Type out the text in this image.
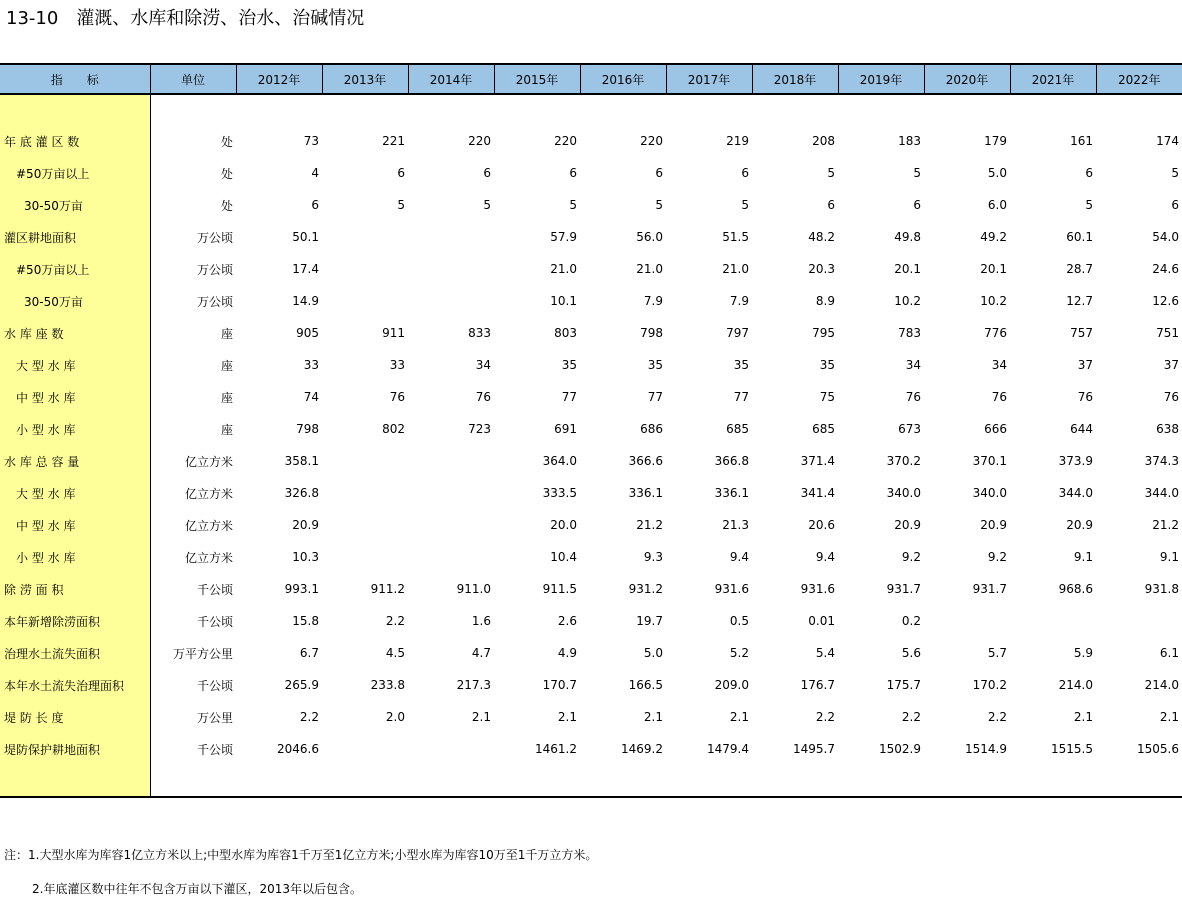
13-10 灌溉、水库和除涝、治水、治碱情况
指　　标	单位	2012年	2013年	2014年	2015年	2016年	2017年	2018年	2019年	2020年	2021年	2022年

年 底 灌 区 数	处	73	221	220	220	220	219	208	183	179	161	174
#50万亩以上	处	4	6	6	6	6	6	5	5	5.0	6	5
30-50万亩	处	6	5	5	5	5	5	6	6	6.0	5	6
灌区耕地面积	万公顷	50.1			57.9	56.0	51.5	48.2	49.8	49.2	60.1	54.0
#50万亩以上	万公顷	17.4			21.0	21.0	21.0	20.3	20.1	20.1	28.7	24.6
30-50万亩	万公顷	14.9			10.1	7.9	7.9	8.9	10.2	10.2	12.7	12.6
水 库 座 数	座	905	911	833	803	798	797	795	783	776	757	751
大 型 水 库	座	33	33	34	35	35	35	35	34	34	37	37
中 型 水 库	座	74	76	76	77	77	77	75	76	76	76	76
小 型 水 库	座	798	802	723	691	686	685	685	673	666	644	638
水 库 总 容 量	亿立方米	358.1			364.0	366.6	366.8	371.4	370.2	370.1	373.9	374.3
大 型 水 库	亿立方米	326.8			333.5	336.1	336.1	341.4	340.0	340.0	344.0	344.0
中 型 水 库	亿立方米	20.9			20.0	21.2	21.3	20.6	20.9	20.9	20.9	21.2
小 型 水 库	亿立方米	10.3			10.4	9.3	9.4	9.4	9.2	9.2	9.1	9.1
除 涝 面 积	千公顷	993.1	911.2	911.0	911.5	931.2	931.6	931.6	931.7	931.7	968.6	931.8
本年新增除涝面积	千公顷	15.8	2.2	1.6	2.6	19.7	0.5	0.01	0.2			
治理水土流失面积	万平方公里	6.7	4.5	4.7	4.9	5.0	5.2	5.4	5.6	5.7	5.9	6.1
本年水土流失治理面积	千公顷	265.9	233.8	217.3	170.7	166.5	209.0	176.7	175.7	170.2	214.0	214.0
堤 防 长 度	万公里	2.2	2.0	2.1	2.1	2.1	2.1	2.2	2.2	2.2	2.1	2.1
堤防保护耕地面积	千公顷	2046.6			1461.2	1469.2	1479.4	1495.7	1502.9	1514.9	1515.5	1505.6

注：1.大型水库为库容1亿立方米以上;中型水库为库容1千万至1亿立方米;小型水库为库容10万至1千万立方米。
2.年底灌区数中往年不包含万亩以下灌区，2013年以后包含。
